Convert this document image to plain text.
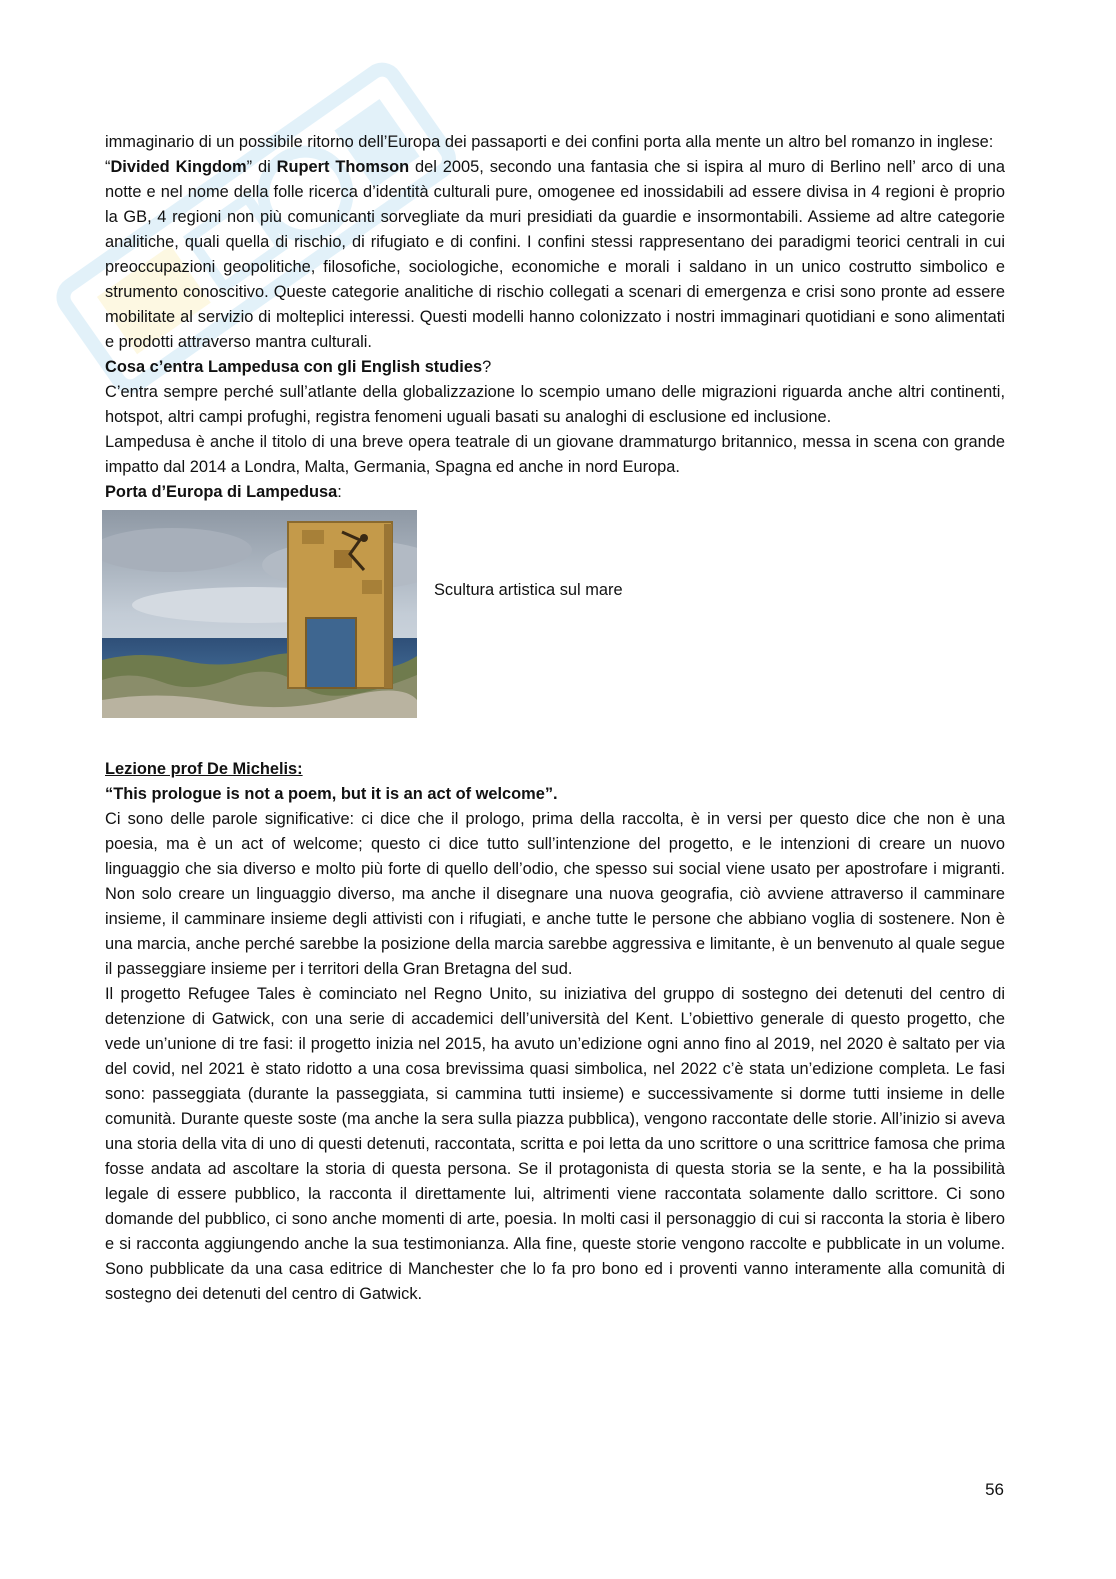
immaginario di un possibile ritorno dell’Europa dei passaporti e dei confini porta alla mente un altro bel romanzo in inglese:

“Divided Kingdom” di Rupert Thomson del 2005, secondo una fantasia che si ispira al muro di Berlino nell’ arco di una notte e nel nome della folle ricerca d’identità culturali pure, omogenee ed inossidabili ad essere divisa in 4 regioni è proprio la GB, 4 regioni non più comunicanti sorvegliate da muri presidiati da guardie e insormontabili. Assieme ad altre categorie analitiche, quali quella di rischio, di rifugiato e di confini. I confini stessi rappresentano dei paradigmi teorici centrali in cui preoccupazioni geopolitiche, filosofiche, sociologiche, economiche e morali i saldano in un unico costrutto simbolico e strumento conoscitivo. Queste categorie analitiche di rischio collegati a scenari di emergenza e crisi sono pronte ad essere mobilitate al servizio di molteplici interessi. Questi modelli hanno colonizzato i nostri immaginari quotidiani e sono alimentati e prodotti attraverso mantra culturali.

Cosa c’entra Lampedusa con gli English studies?

C’entra sempre perché sull’atlante della globalizzazione lo scempio umano delle migrazioni riguarda anche altri continenti, hotspot, altri campi profughi, registra fenomeni uguali basati su analoghi di esclusione ed inclusione.

Lampedusa è anche il titolo di una breve opera teatrale di un giovane drammaturgo britannico, messa in scena con grande impatto dal 2014 a Londra, Malta, Germania, Spagna ed anche in nord Europa.

Porta d’Europa di Lampedusa:

Scultura artistica sul mare

Lezione prof De Michelis:

“This prologue is not a poem, but it is an act of welcome”.

Ci sono delle parole significative: ci dice che il prologo, prima della raccolta, è in versi per questo dice che non è una poesia, ma è un act of welcome; questo ci dice tutto sull’intenzione del progetto, e le intenzioni di creare un nuovo linguaggio che sia diverso e molto più forte di quello dell’odio, che spesso sui social viene usato per apostrofare i migranti. Non solo creare un linguaggio diverso, ma anche il disegnare una nuova geografia, ciò avviene attraverso il camminare insieme, il camminare insieme degli attivisti con i rifugiati, e anche tutte le persone che abbiano voglia di sostenere. Non è una marcia, anche perché sarebbe la posizione della marcia sarebbe aggressiva e limitante, è un benvenuto al quale segue il passeggiare insieme per i territori della Gran Bretagna del sud.

Il progetto Refugee Tales è cominciato nel Regno Unito, su iniziativa del gruppo di sostegno dei detenuti del centro di detenzione di Gatwick, con una serie di accademici dell’università del Kent. L’obiettivo generale di questo progetto, che vede un’unione di tre fasi: il progetto inizia nel 2015, ha avuto un’edizione ogni anno fino al 2019, nel 2020 è saltato per via del covid, nel 2021 è stato ridotto a una cosa brevissima quasi simbolica, nel 2022 c’è stata un’edizione completa. Le fasi sono: passeggiata (durante la passeggiata, si cammina tutti insieme) e successivamente si dorme tutti insieme in delle comunità. Durante queste soste (ma anche la sera sulla piazza pubblica), vengono raccontate delle storie. All’inizio si aveva una storia della vita di uno di questi detenuti, raccontata, scritta e poi letta da uno scrittore o una scrittrice famosa che prima fosse andata ad ascoltare la storia di questa persona. Se il protagonista di questa storia se la sente, e ha la possibilità legale di essere pubblico, la racconta il direttamente lui, altrimenti viene raccontata solamente dallo scrittore. Ci sono domande del pubblico, ci sono anche momenti di arte, poesia. In molti casi il personaggio di cui si racconta la storia è libero e si racconta aggiungendo anche la sua testimonianza. Alla fine, queste storie vengono raccolte e pubblicate in un volume. Sono pubblicate da una casa editrice di Manchester che lo fa pro bono ed i proventi vanno interamente alla comunità di sostegno dei detenuti del centro di Gatwick.

56
